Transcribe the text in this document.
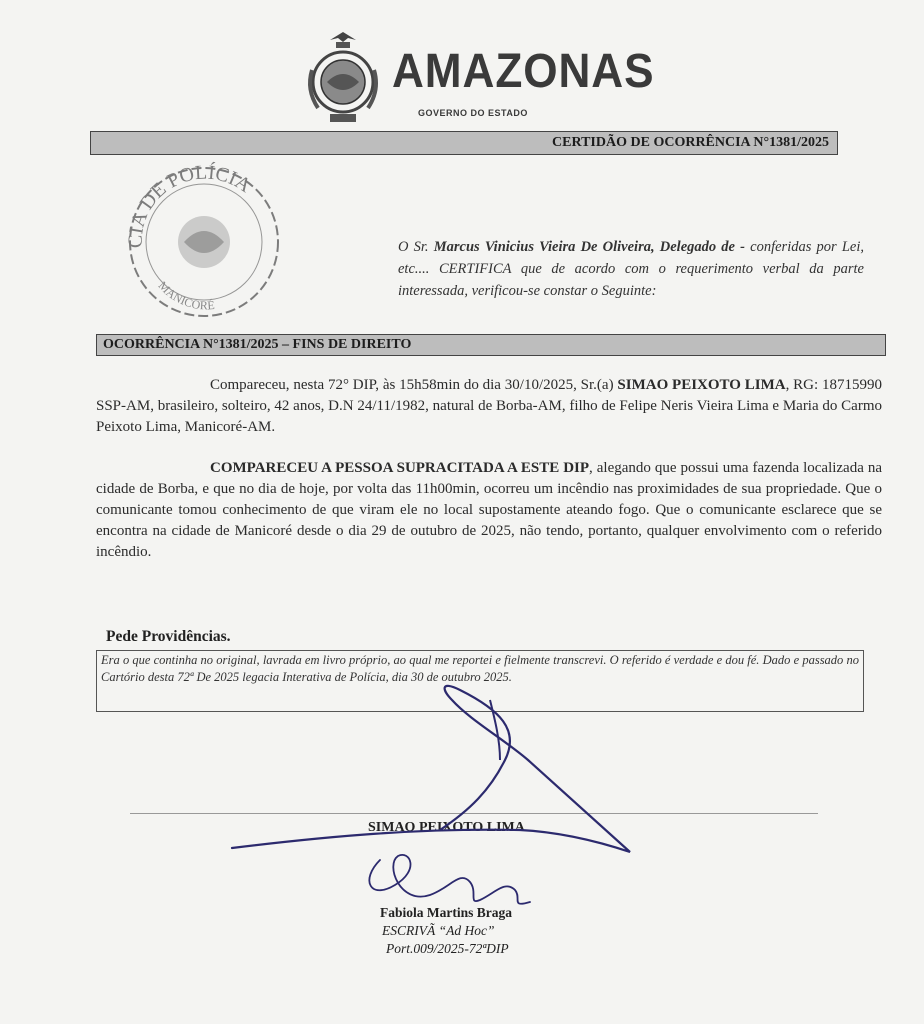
AMAZONAS
GOVERNO DO ESTADO
CERTIDÃO DE OCORRÊNCIA N°1381/2025
CIA DE POLÍCIA
MANICORÉ
O Sr. Marcus Vinicius Vieira De Oliveira, Delegado de - conferidas por Lei, etc.... CERTIFICA que de acordo com o requerimento verbal da parte interessada, verificou-se constar o Seguinte:
OCORRÊNCIA N°1381/2025 – FINS DE DIREITO
Compareceu, nesta 72° DIP, às 15h58min do dia 30/10/2025, Sr.(a) SIMAO PEIXOTO LIMA, RG: 18715990 SSP-AM, brasileiro, solteiro, 42 anos, D.N 24/11/1982, natural de Borba-AM, filho de Felipe Neris Vieira Lima e Maria do Carmo Peixoto Lima, Manicoré-AM.
COMPARECEU A PESSOA SUPRACITADA A ESTE DIP, alegando que possui uma fazenda localizada na cidade de Borba, e que no dia de hoje, por volta das 11h00min, ocorreu um incêndio nas proximidades de sua propriedade. Que o comunicante tomou conhecimento de que viram ele no local supostamente ateando fogo. Que o comunicante esclarece que se encontra na cidade de Manicoré desde o dia 29 de outubro de 2025, não tendo, portanto, qualquer envolvimento com o referido incêndio.
Pede Providências.
Era o que continha no original, lavrada em livro próprio, ao qual me reportei e fielmente transcrevi. O referido é verdade e dou fé. Dado e passado no Cartório desta 72ª De 2025 legacia Interativa de Polícia, dia 30 de outubro 2025.
SIMAO PEIXOTO LIMA
Fabiola Martins Braga
ESCRIVÃ “Ad Hoc”
Port.009/2025-72ªDIP
